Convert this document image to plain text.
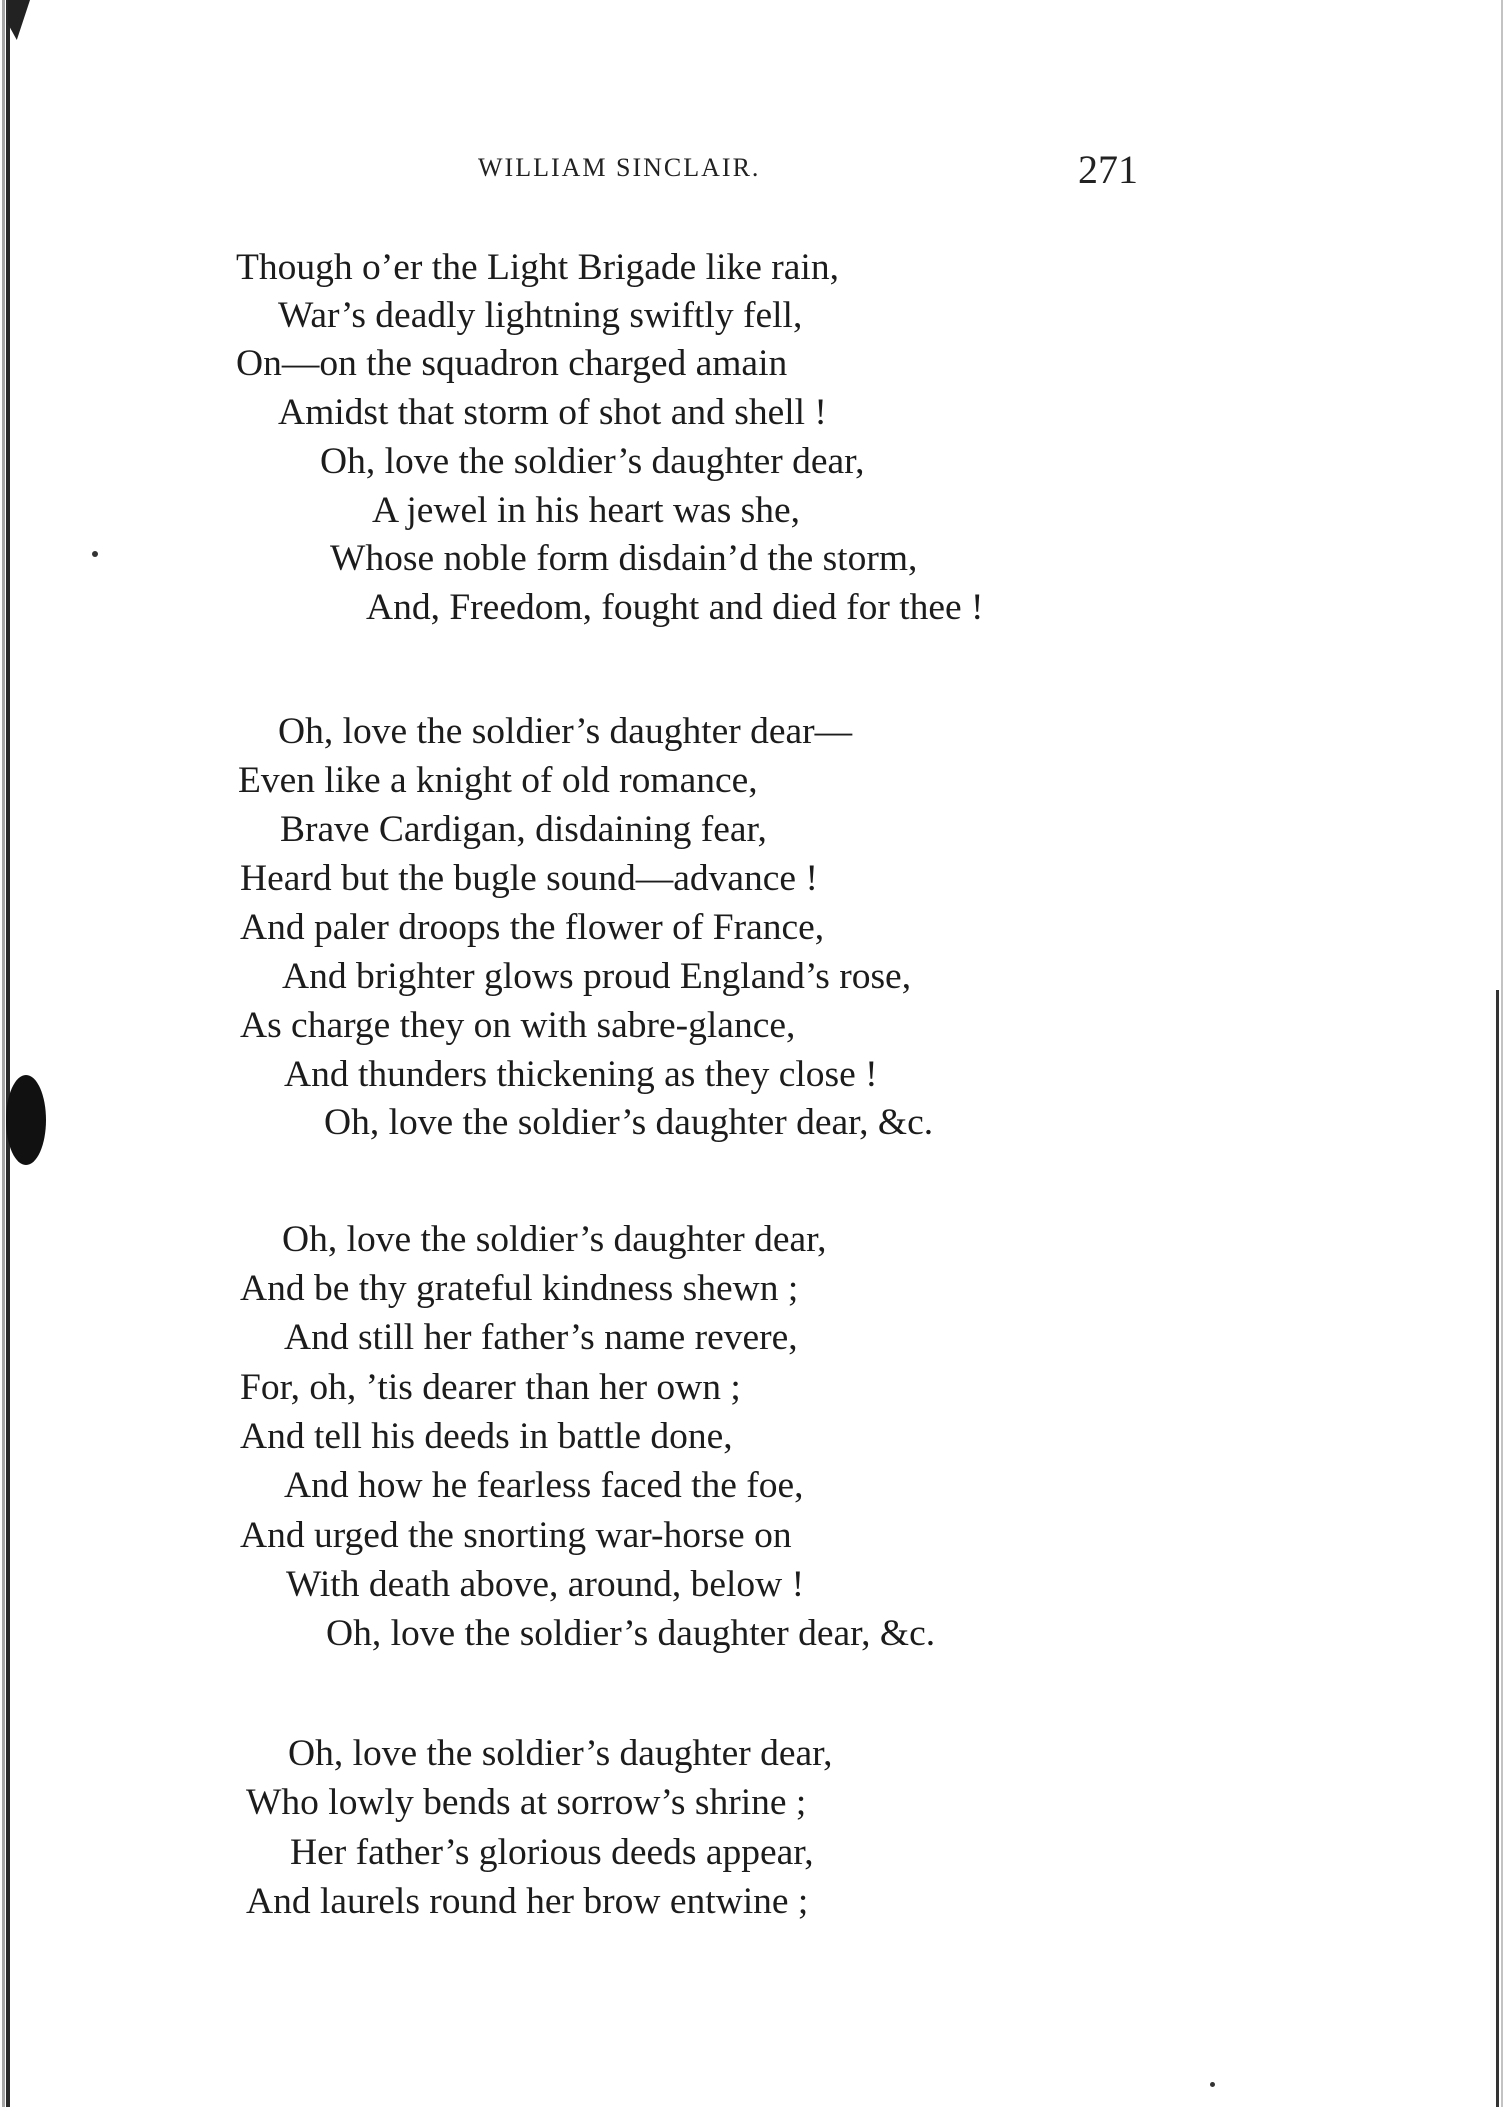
WILLIAM SINCLAIR.	271
Though o’er the Light Brigade like rain,
War’s deadly lightning swiftly fell,
On—on the squadron charged amain
Amidst that storm of shot and shell !
Oh, love the soldier’s daughter dear,
A jewel in his heart was she,
Whose noble form disdain’d the storm,
And, Freedom, fought and died for thee !
Oh, love the soldier’s daughter dear—
Even like a knight of old romance,
Brave Cardigan, disdaining fear,
Heard but the bugle sound—advance !
And paler droops the flower of France,
And brighter glows proud England’s rose,
As charge they on with sabre-glance,
And thunders thickening as they close !
Oh, love the soldier’s daughter dear, &c.
Oh, love the soldier’s daughter dear,
And be thy grateful kindness shewn ;
And still her father’s name revere,
For, oh, ’tis dearer than her own ;
And tell his deeds in battle done,
And how he fearless faced the foe,
And urged the snorting war-horse on
With death above, around, below !
Oh, love the soldier’s daughter dear, &c.
Oh, love the soldier’s daughter dear,
Who lowly bends at sorrow’s shrine ;
Her father’s glorious deeds appear,
And laurels round her brow entwine ;
